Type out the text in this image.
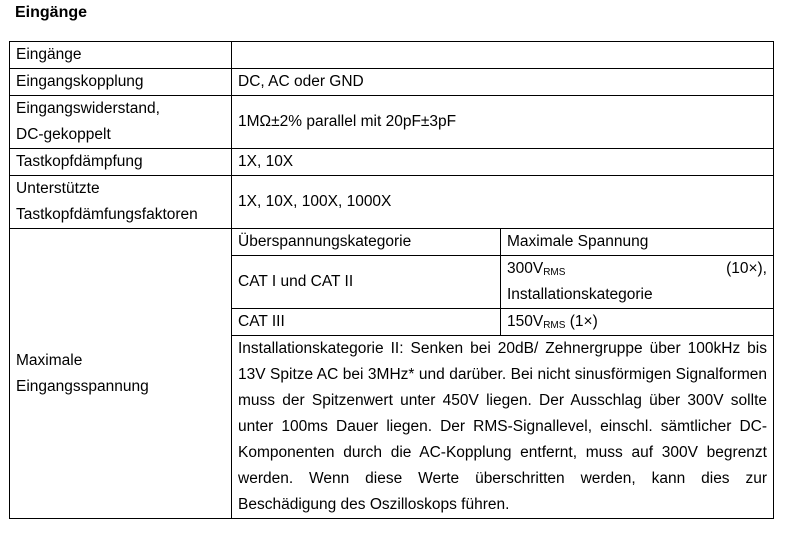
Eingänge
Eingänge		
Eingangskopplung	DC, AC oder GND	

Eingangswiderstand,
DC-gekoppelt	1MΩ±2% parallel mit 20pF±3pF	
Tastkopfdämpfung	1X, 10X	

Unterstützte
Tastkopfdämfungsfaktoren	1X, 10X, 100X, 1000X	

Maximale
Eingangsspannung	Überspannungskategorie	Maximale Spannung
	CAT I und CAT II	$300V_{RMS}$ (10×),
Installationskategorie

	CAT III	$150V_{RMS}$ (1×)
	Installationskategorie II: Senken bei 20dB/ Zehnergruppe über 100kHz bis 13V Spitze AC bei 3MHz* und darüber. Bei nicht sinusförmigen Signalformen muss der Spitzenwert unter 450V liegen. Der Ausschlag über 300V sollte unter 100ms Dauer liegen. Der RMS-Signallevel, einschl. sämtlicher DC-Komponenten durch die AC-Kopplung entfernt, muss auf 300V begrenzt werden. Wenn diese Werte überschritten werden, kann dies zur Beschädigung des Oszilloskops führen.	
